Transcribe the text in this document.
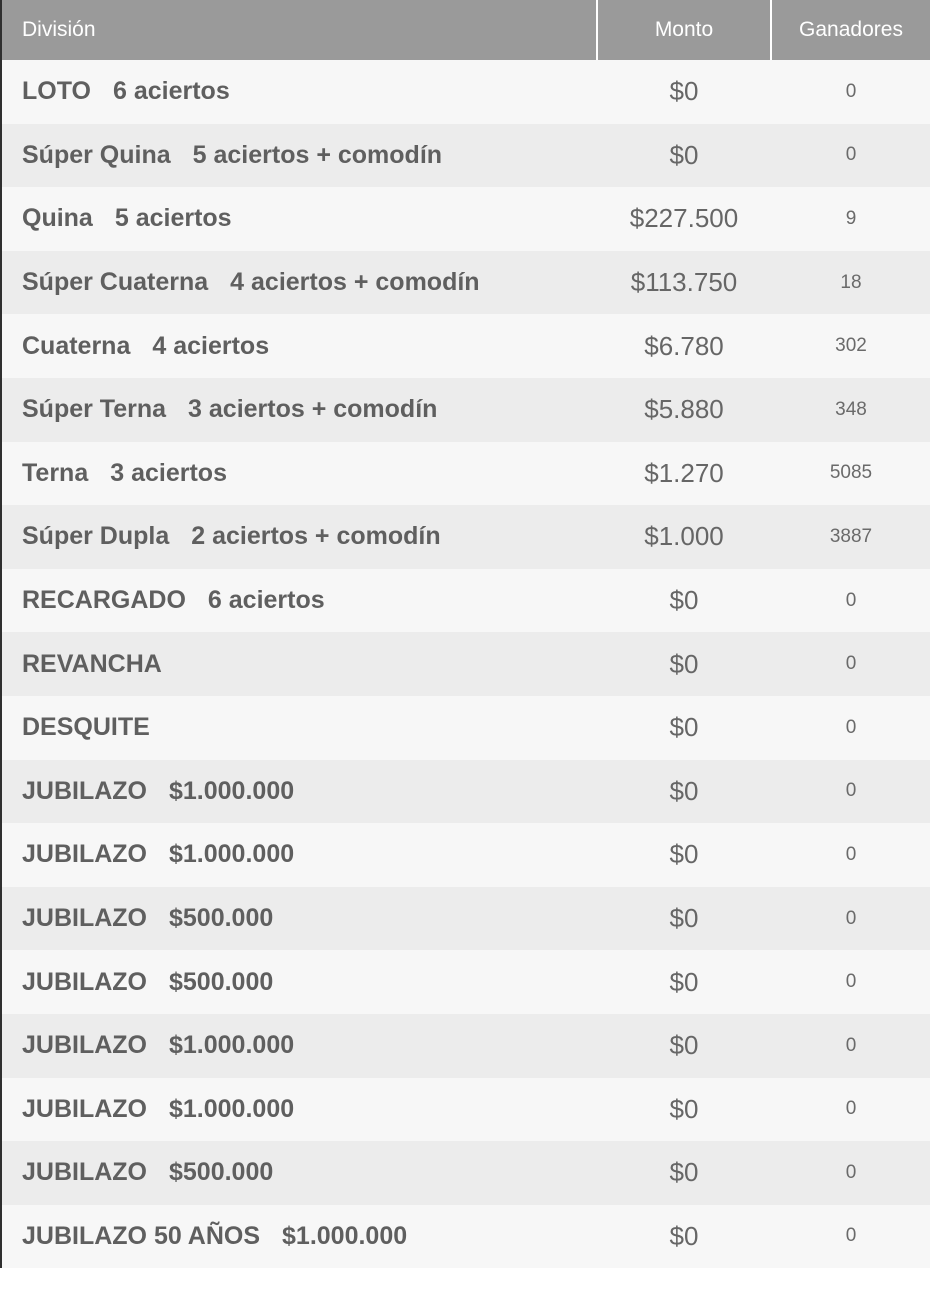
División	Monto	Ganadores
LOTO 6 aciertos	$0	0
Súper Quina 5 aciertos + comodín	$0	0
Quina 5 aciertos	$227.500	9
Súper Cuaterna 4 aciertos + comodín	$113.750	18
Cuaterna 4 aciertos	$6.780	302
Súper Terna 3 aciertos + comodín	$5.880	348
Terna 3 aciertos	$1.270	5085
Súper Dupla 2 aciertos + comodín	$1.000	3887
RECARGADO 6 aciertos	$0	0
REVANCHA	$0	0
DESQUITE	$0	0
JUBILAZO $1.000.000	$0	0
JUBILAZO $1.000.000	$0	0
JUBILAZO $500.000	$0	0
JUBILAZO $500.000	$0	0
JUBILAZO $1.000.000	$0	0
JUBILAZO $1.000.000	$0	0
JUBILAZO $500.000	$0	0
JUBILAZO 50 AÑOS $1.000.000	$0	0
